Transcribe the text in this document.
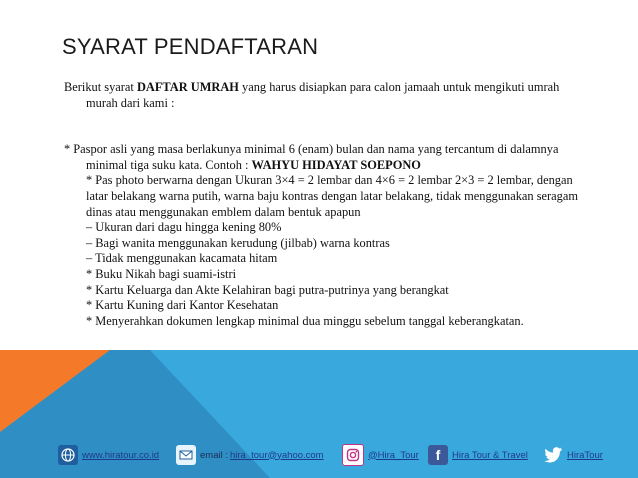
SYARAT PENDAFTARAN

Berikut syarat DAFTAR UMRAH yang harus disiapkan para calon jamaah untuk mengikuti umrah murah dari kami :

* Paspor asli yang masa berlakunya minimal 6 (enam) bulan dan nama yang tercantum di dalamnya minimal tiga suku kata. Contoh : WAHYU HIDAYAT SOEPONO

* Pas photo berwarna dengan Ukuran 3×4 = 2 lembar dan 4×6 = 2 lembar 2×3 = 2 lembar, dengan latar belakang warna putih, warna baju kontras dengan latar belakang, tidak menggunakan seragam dinas atau menggunakan emblem dalam bentuk apapun

– Ukuran dari dagu hingga kening 80%

– Bagi wanita menggunakan kerudung (jilbab) warna kontras

– Tidak menggunakan kacamata hitam

* Buku Nikah bagi suami-istri

* Kartu Keluarga dan Akte Kelahiran bagi putra-putrinya yang berangkat

* Kartu Kuning dari Kantor Kesehatan

* Menyerahkan dokumen lengkap minimal dua minggu sebelum tanggal keberangkatan.

www.hiratour.co.id	email : hira_tour@yahoo.com	@Hira_Tour f Hira Tour & Travel	HiraTour
